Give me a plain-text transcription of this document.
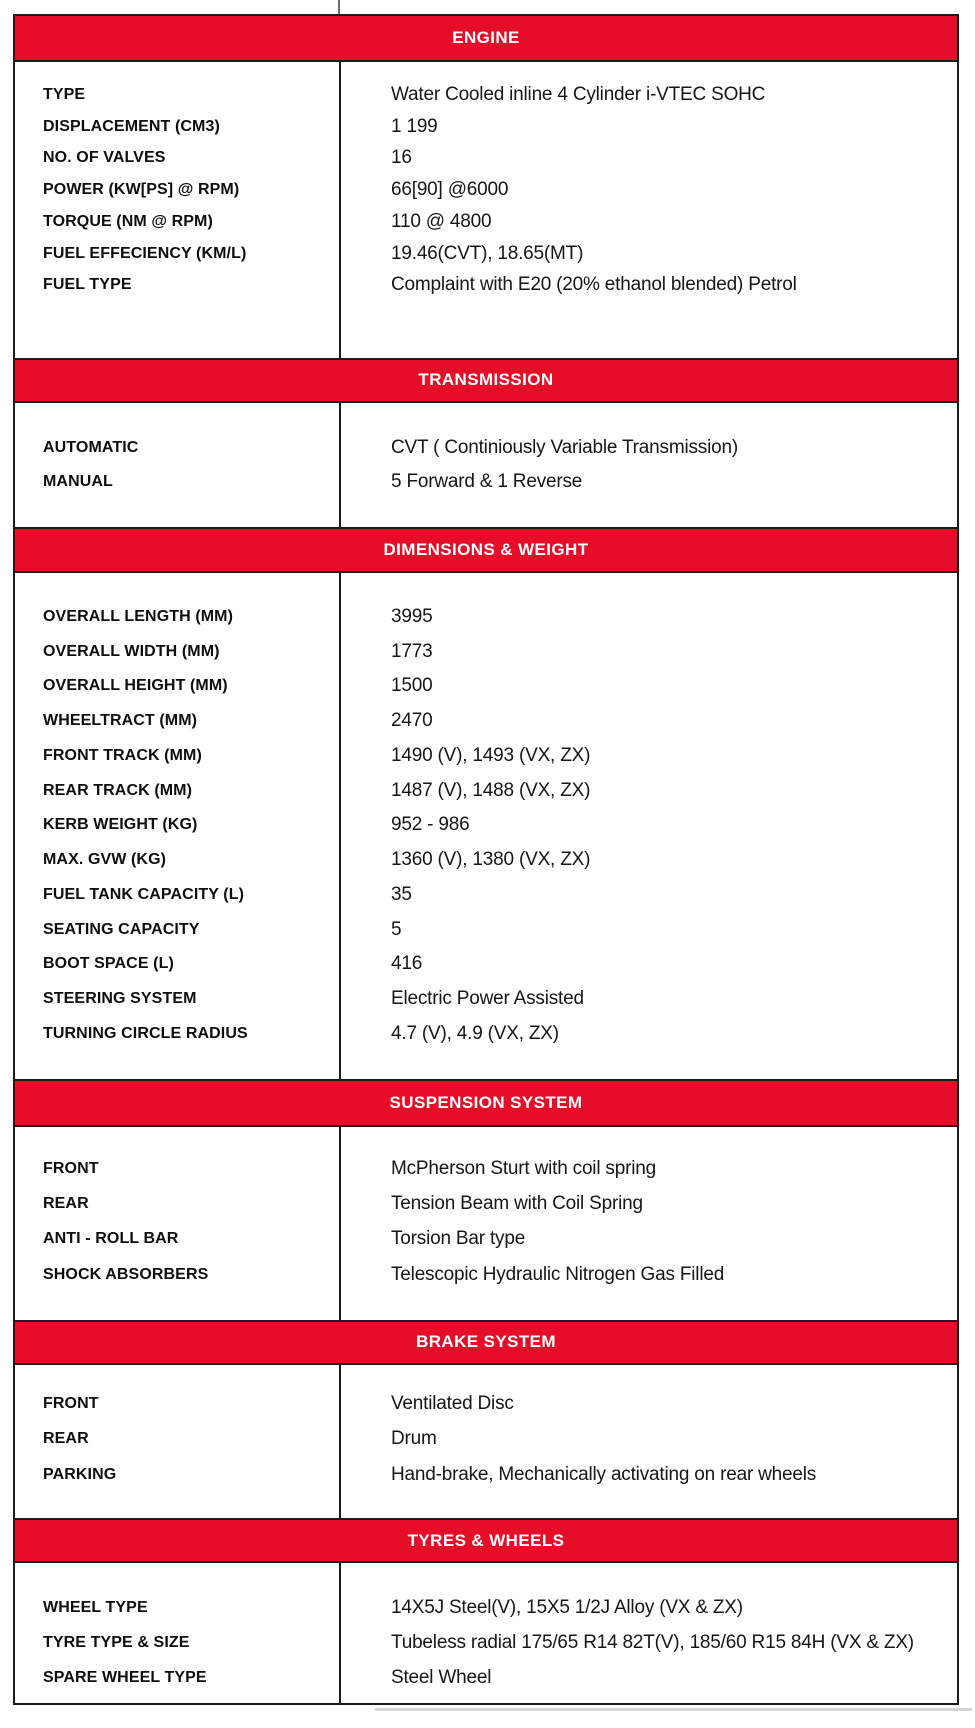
ENGINE
TYPE
DISPLACEMENT (CM3)
NO. OF VALVES
POWER (KW[PS] @ RPM)
TORQUE (NM @ RPM)
FUEL EFFECIENCY (KM/L)
FUEL TYPE
Water Cooled inline 4 Cylinder i-VTEC SOHC
1 199
16
66[90] @6000
110 @ 4800
19.46(CVT), 18.65(MT)
Complaint with E20 (20% ethanol blended) Petrol
TRANSMISSION
AUTOMATIC
MANUAL
CVT ( Continiously Variable Transmission)
5 Forward & 1 Reverse
DIMENSIONS & WEIGHT
OVERALL LENGTH (MM)
OVERALL WIDTH (MM)
OVERALL HEIGHT (MM)
WHEELTRACT (MM)
FRONT TRACK (MM)
REAR TRACK (MM)
KERB WEIGHT (KG)
MAX. GVW (KG)
FUEL TANK CAPACITY (L)
SEATING CAPACITY
BOOT SPACE (L)
STEERING SYSTEM
TURNING CIRCLE RADIUS
3995
1773
1500
2470
1490 (V), 1493 (VX, ZX)
1487 (V), 1488 (VX, ZX)
952 - 986
1360 (V), 1380 (VX, ZX)
35
5
416
Electric Power Assisted
4.7 (V), 4.9 (VX, ZX)
SUSPENSION SYSTEM
FRONT
REAR
ANTI - ROLL BAR
SHOCK ABSORBERS
McPherson Sturt with coil spring
Tension Beam with Coil Spring
Torsion Bar type
Telescopic Hydraulic Nitrogen Gas Filled
BRAKE SYSTEM
FRONT
REAR
PARKING
Ventilated Disc
Drum
Hand-brake, Mechanically activating on rear wheels
TYRES & WHEELS
WHEEL TYPE
TYRE TYPE & SIZE
SPARE WHEEL TYPE
14X5J Steel(V), 15X5 1/2J Alloy (VX & ZX)
Tubeless radial 175/65 R14 82T(V), 185/60 R15 84H (VX & ZX)
Steel Wheel
